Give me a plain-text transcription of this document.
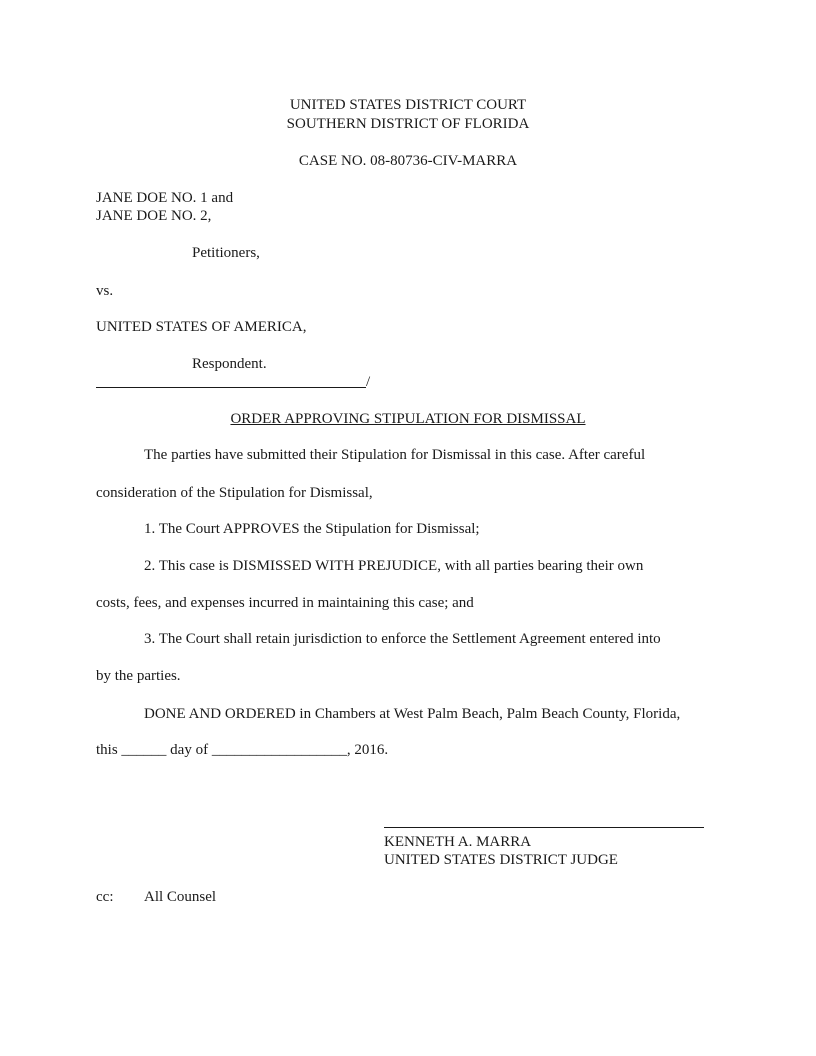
UNITED STATES DISTRICT COURT
SOUTHERN DISTRICT OF FLORIDA
CASE NO. 08-80736-CIV-MARRA
JANE DOE NO. 1 and
JANE DOE NO. 2,
Petitioners,
vs.
UNITED STATES OF AMERICA,
Respondent.
/
ORDER APPROVING STIPULATION FOR DISMISSAL
The parties have submitted their Stipulation for Dismissal in this case. After careful
consideration of the Stipulation for Dismissal,
1. The Court APPROVES the Stipulation for Dismissal;
2. This case is DISMISSED WITH PREJUDICE, with all parties bearing their own
costs, fees, and expenses incurred in maintaining this case; and
3. The Court shall retain jurisdiction to enforce the Settlement Agreement entered into
by the parties.
DONE AND ORDERED in Chambers at West Palm Beach, Palm Beach County, Florida,
this ______ day of __________________, 2016.
KENNETH A. MARRA
UNITED STATES DISTRICT JUDGE
cc: All Counsel
